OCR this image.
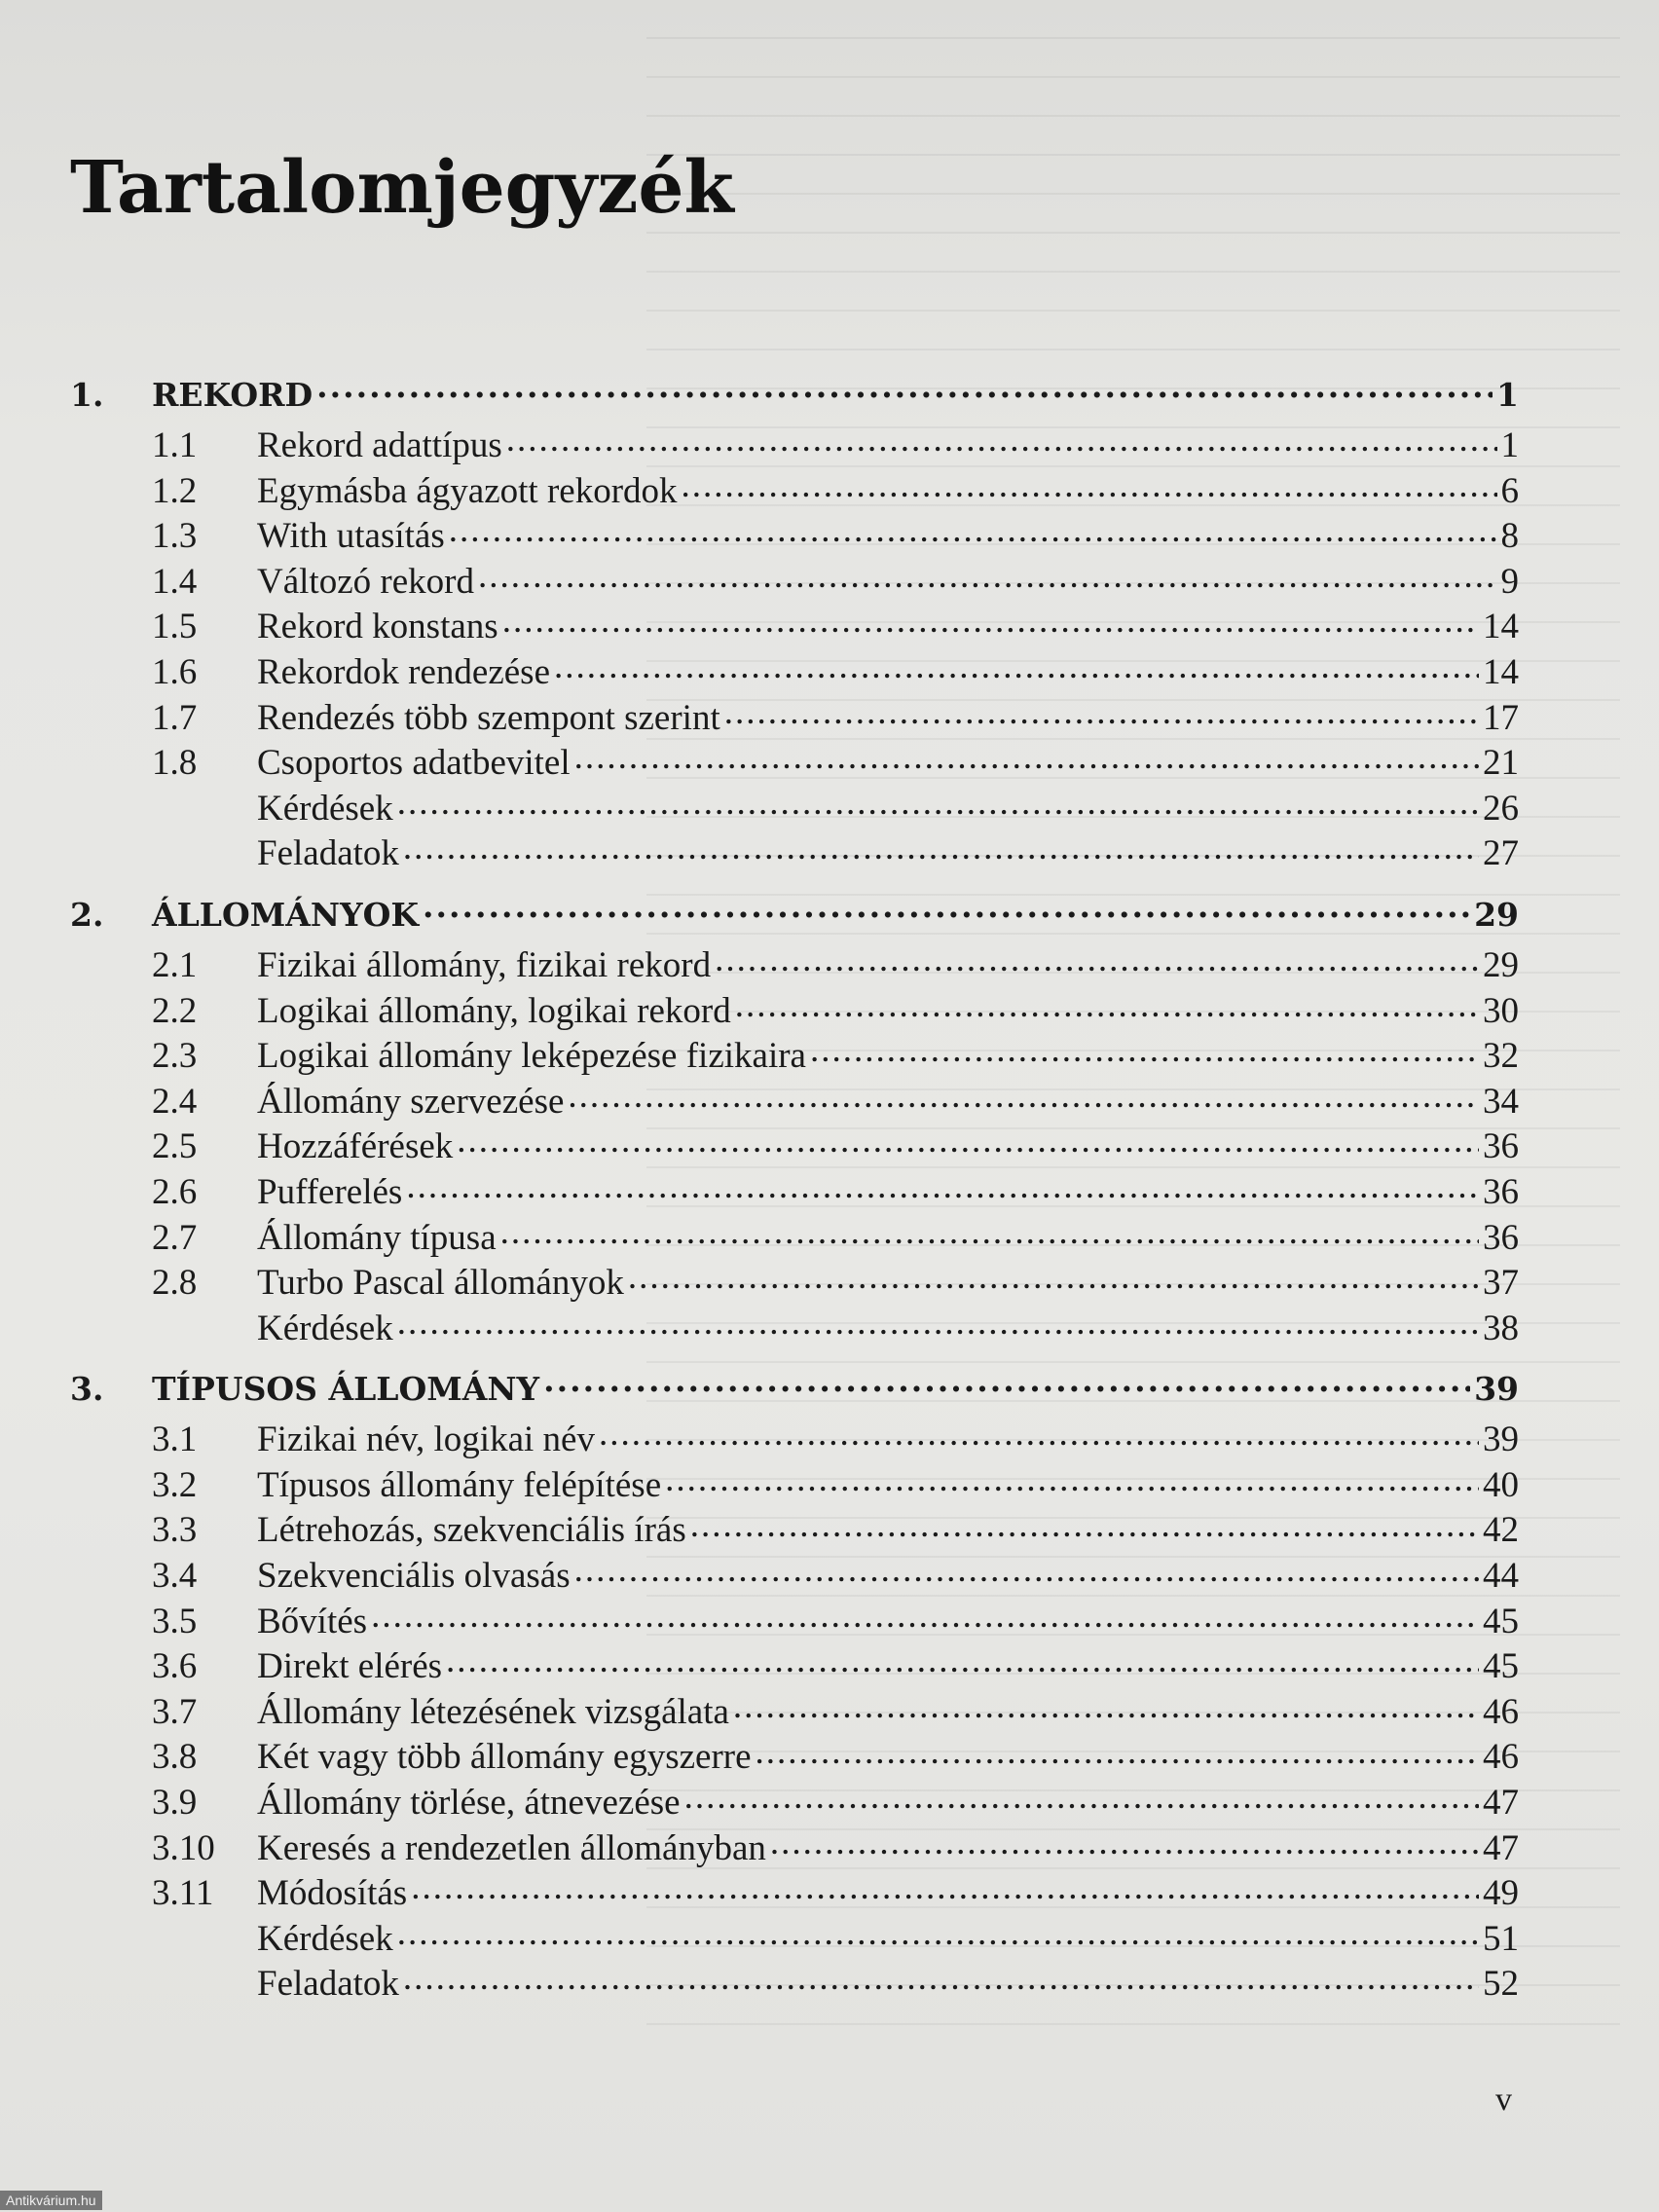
Tartalomjegyzék
1.	REKORD .....	1
1.1	Rekord adattípus .....	1
1.2	Egymásba ágyazott rekordok .....	6
1.3	With utasítás .....	8
1.4	Változó rekord .....	9
1.5	Rekord konstans .....	14
1.6	Rekordok rendezése .....	14
1.7	Rendezés több szempont szerint .....	17
1.8	Csoportos adatbevitel .....	21
Kérdések .....	26
Feladatok .....	27
2.	ÁLLOMÁNYOK .....	29
2.1	Fizikai állomány, fizikai rekord .....	29
2.2	Logikai állomány, logikai rekord .....	30
2.3	Logikai állomány leképezése fizikaira .....	32
2.4	Állomány szervezése .....	34
2.5	Hozzáférések .....	36
2.6	Pufferelés .....	36
2.7	Állomány típusa .....	36
2.8	Turbo Pascal állományok .....	37
Kérdések .....	38
3.	TÍPUSOS ÁLLOMÁNY .....	39
3.1	Fizikai név, logikai név .....	39
3.2	Típusos állomány felépítése .....	40
3.3	Létrehozás, szekvenciális írás .....	42
3.4	Szekvenciális olvasás .....	44
3.5	Bővítés .....	45
3.6	Direkt elérés .....	45
3.7	Állomány létezésének vizsgálata .....	46
3.8	Két vagy több állomány egyszerre .....	46
3.9	Állomány törlése, átnevezése .....	47
3.10	Keresés a rendezetlen állományban .....	47
3.11	Módosítás .....	49
Kérdések .....	51
Feladatok .....	52
v
Antikvárium.hu
